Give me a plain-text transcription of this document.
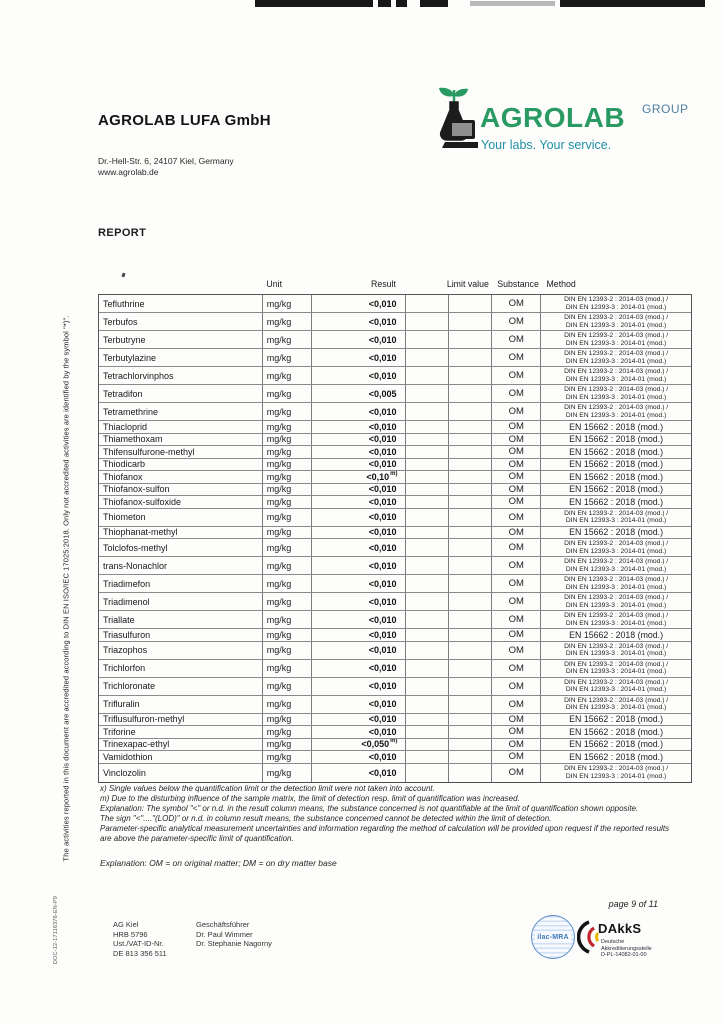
AGROLAB LUFA GmbH
Dr.-Hell-Str. 6, 24107 Kiel, Germany
www.agrolab.de
AGROLAB GROUP
Your labs. Your service.
REPORT
The activities reported in this document are accredited according to DIN EN ISO/IEC 17025:2018. Only not accredited activities are identified by the symbol "*)".
DOC-12-17116376-EN-P9
Unit	Result	Limit value Substance Method
Tefluthrine	mg/kg	<0,010	OM	DIN EN 12393-2 : 2014-03 (mod.) /
DIN EN 12393-3 : 2014-01 (mod.)
Terbufos	mg/kg	<0,010	OM	DIN EN 12393-2 : 2014-03 (mod.) /
DIN EN 12393-3 : 2014-01 (mod.)
Terbutryne	mg/kg	<0,010	OM	DIN EN 12393-2 : 2014-03 (mod.) /
DIN EN 12393-3 : 2014-01 (mod.)
Terbutylazine	mg/kg	<0,010	OM	DIN EN 12393-2 : 2014-03 (mod.) /
DIN EN 12393-3 : 2014-01 (mod.)
Tetrachlorvinphos	mg/kg	<0,010	OM	DIN EN 12393-2 : 2014-03 (mod.) /
DIN EN 12393-3 : 2014-01 (mod.)
Tetradifon	mg/kg	<0,005	OM	DIN EN 12393-2 : 2014-03 (mod.) /
DIN EN 12393-3 : 2014-01 (mod.)
Tetramethrine	mg/kg	<0,010	OM	DIN EN 12393-2 : 2014-03 (mod.) /
DIN EN 12393-3 : 2014-01 (mod.)
Thiacloprid	mg/kg	<0,010	OM	EN 15662 : 2018 (mod.)
Thiamethoxam	mg/kg	<0,010	OM	EN 15662 : 2018 (mod.)
Thifensulfurone-methyl	mg/kg	<0,010	OM	EN 15662 : 2018 (mod.)
Thiodicarb	mg/kg	<0,010	OM	EN 15662 : 2018 (mod.)
Thiofanox	mg/kg	$<0,10^{m)}$	OM	EN 15662 : 2018 (mod.)
Thiofanox-sulfon	mg/kg	<0,010	OM	EN 15662 : 2018 (mod.)
Thiofanox-sulfoxide	mg/kg	<0,010	OM	EN 15662 : 2018 (mod.)
Thiometon	mg/kg	<0,010	OM	DIN EN 12393-2 : 2014-03 (mod.) /
DIN EN 12393-3 : 2014-01 (mod.)
Thiophanat-methyl	mg/kg	<0,010	OM	EN 15662 : 2018 (mod.)
Tolclofos-methyl	mg/kg	<0,010	OM	DIN EN 12393-2 : 2014-03 (mod.) /
DIN EN 12393-3 : 2014-01 (mod.)
trans-Nonachlor	mg/kg	<0,010	OM	DIN EN 12393-2 : 2014-03 (mod.) /
DIN EN 12393-3 : 2014-01 (mod.)
Triadimefon	mg/kg	<0,010	OM	DIN EN 12393-2 : 2014-03 (mod.) /
DIN EN 12393-3 : 2014-01 (mod.)
Triadimenol	mg/kg	<0,010	OM	DIN EN 12393-2 : 2014-03 (mod.) /
DIN EN 12393-3 : 2014-01 (mod.)
Triallate	mg/kg	<0,010	OM	DIN EN 12393-2 : 2014-03 (mod.) /
DIN EN 12393-3 : 2014-01 (mod.)
Triasulfuron	mg/kg	<0,010	OM	EN 15662 : 2018 (mod.)
Triazophos	mg/kg	<0,010	OM	DIN EN 12393-2 : 2014-03 (mod.) /
DIN EN 12393-3 : 2014-01 (mod.)
Trichlorfon	mg/kg	<0,010	OM	DIN EN 12393-2 : 2014-03 (mod.) /
DIN EN 12393-3 : 2014-01 (mod.)
Trichloronate	mg/kg	<0,010	OM	DIN EN 12393-2 : 2014-03 (mod.) /
DIN EN 12393-3 : 2014-01 (mod.)
Trifluralin	mg/kg	<0,010	OM	DIN EN 12393-2 : 2014-03 (mod.) /
DIN EN 12393-3 : 2014-01 (mod.)
Triflusulfuron-methyl	mg/kg	<0,010	OM	EN 15662 : 2018 (mod.)
Triforine	mg/kg	<0,010	OM	EN 15662 : 2018 (mod.)
Trinexapac-ethyl	mg/kg	$<0,050^{m)}$	OM	EN 15662 : 2018 (mod.)
Vamidothion	mg/kg	<0,010	OM	EN 15662 : 2018 (mod.)
Vinclozolin	mg/kg	<0,010	OM	DIN EN 12393-2 : 2014-03 (mod.) /
DIN EN 12393-3 : 2014-01 (mod.)

x) Single values below the quantification limit or the detection limit were not taken into account.

m) Due to the disturbing influence of the sample matrix, the limit of detection resp. limit of quantification was increased.

Explanation: The symbol "<" or n.d. in the result column means, the substance concerned is not quantifiable at the limit of quantification shown opposite.

The sign "<"...."(LOD)" or n.d. in column result means, the substance concerned cannot be detected within the limit of detection.

Parameter-specific analytical measurement uncertainties and information regarding the method of calculation will be provided upon request if the reported results are above the parameter-specific limit of quantification.

Explanation: OM = on original matter; DM = on dry matter base
page 9 of 11
AG Kiel
HRB 5796
Ust./VAT-ID-Nr.
DE 813 356 511
Geschäftsführer
Dr. Paul Wimmer
Dr. Stephanie Nagorny
ilac-MRA
DAkkS
Deutsche
Akkreditierungsstelle
D-PL-14082-01-00
